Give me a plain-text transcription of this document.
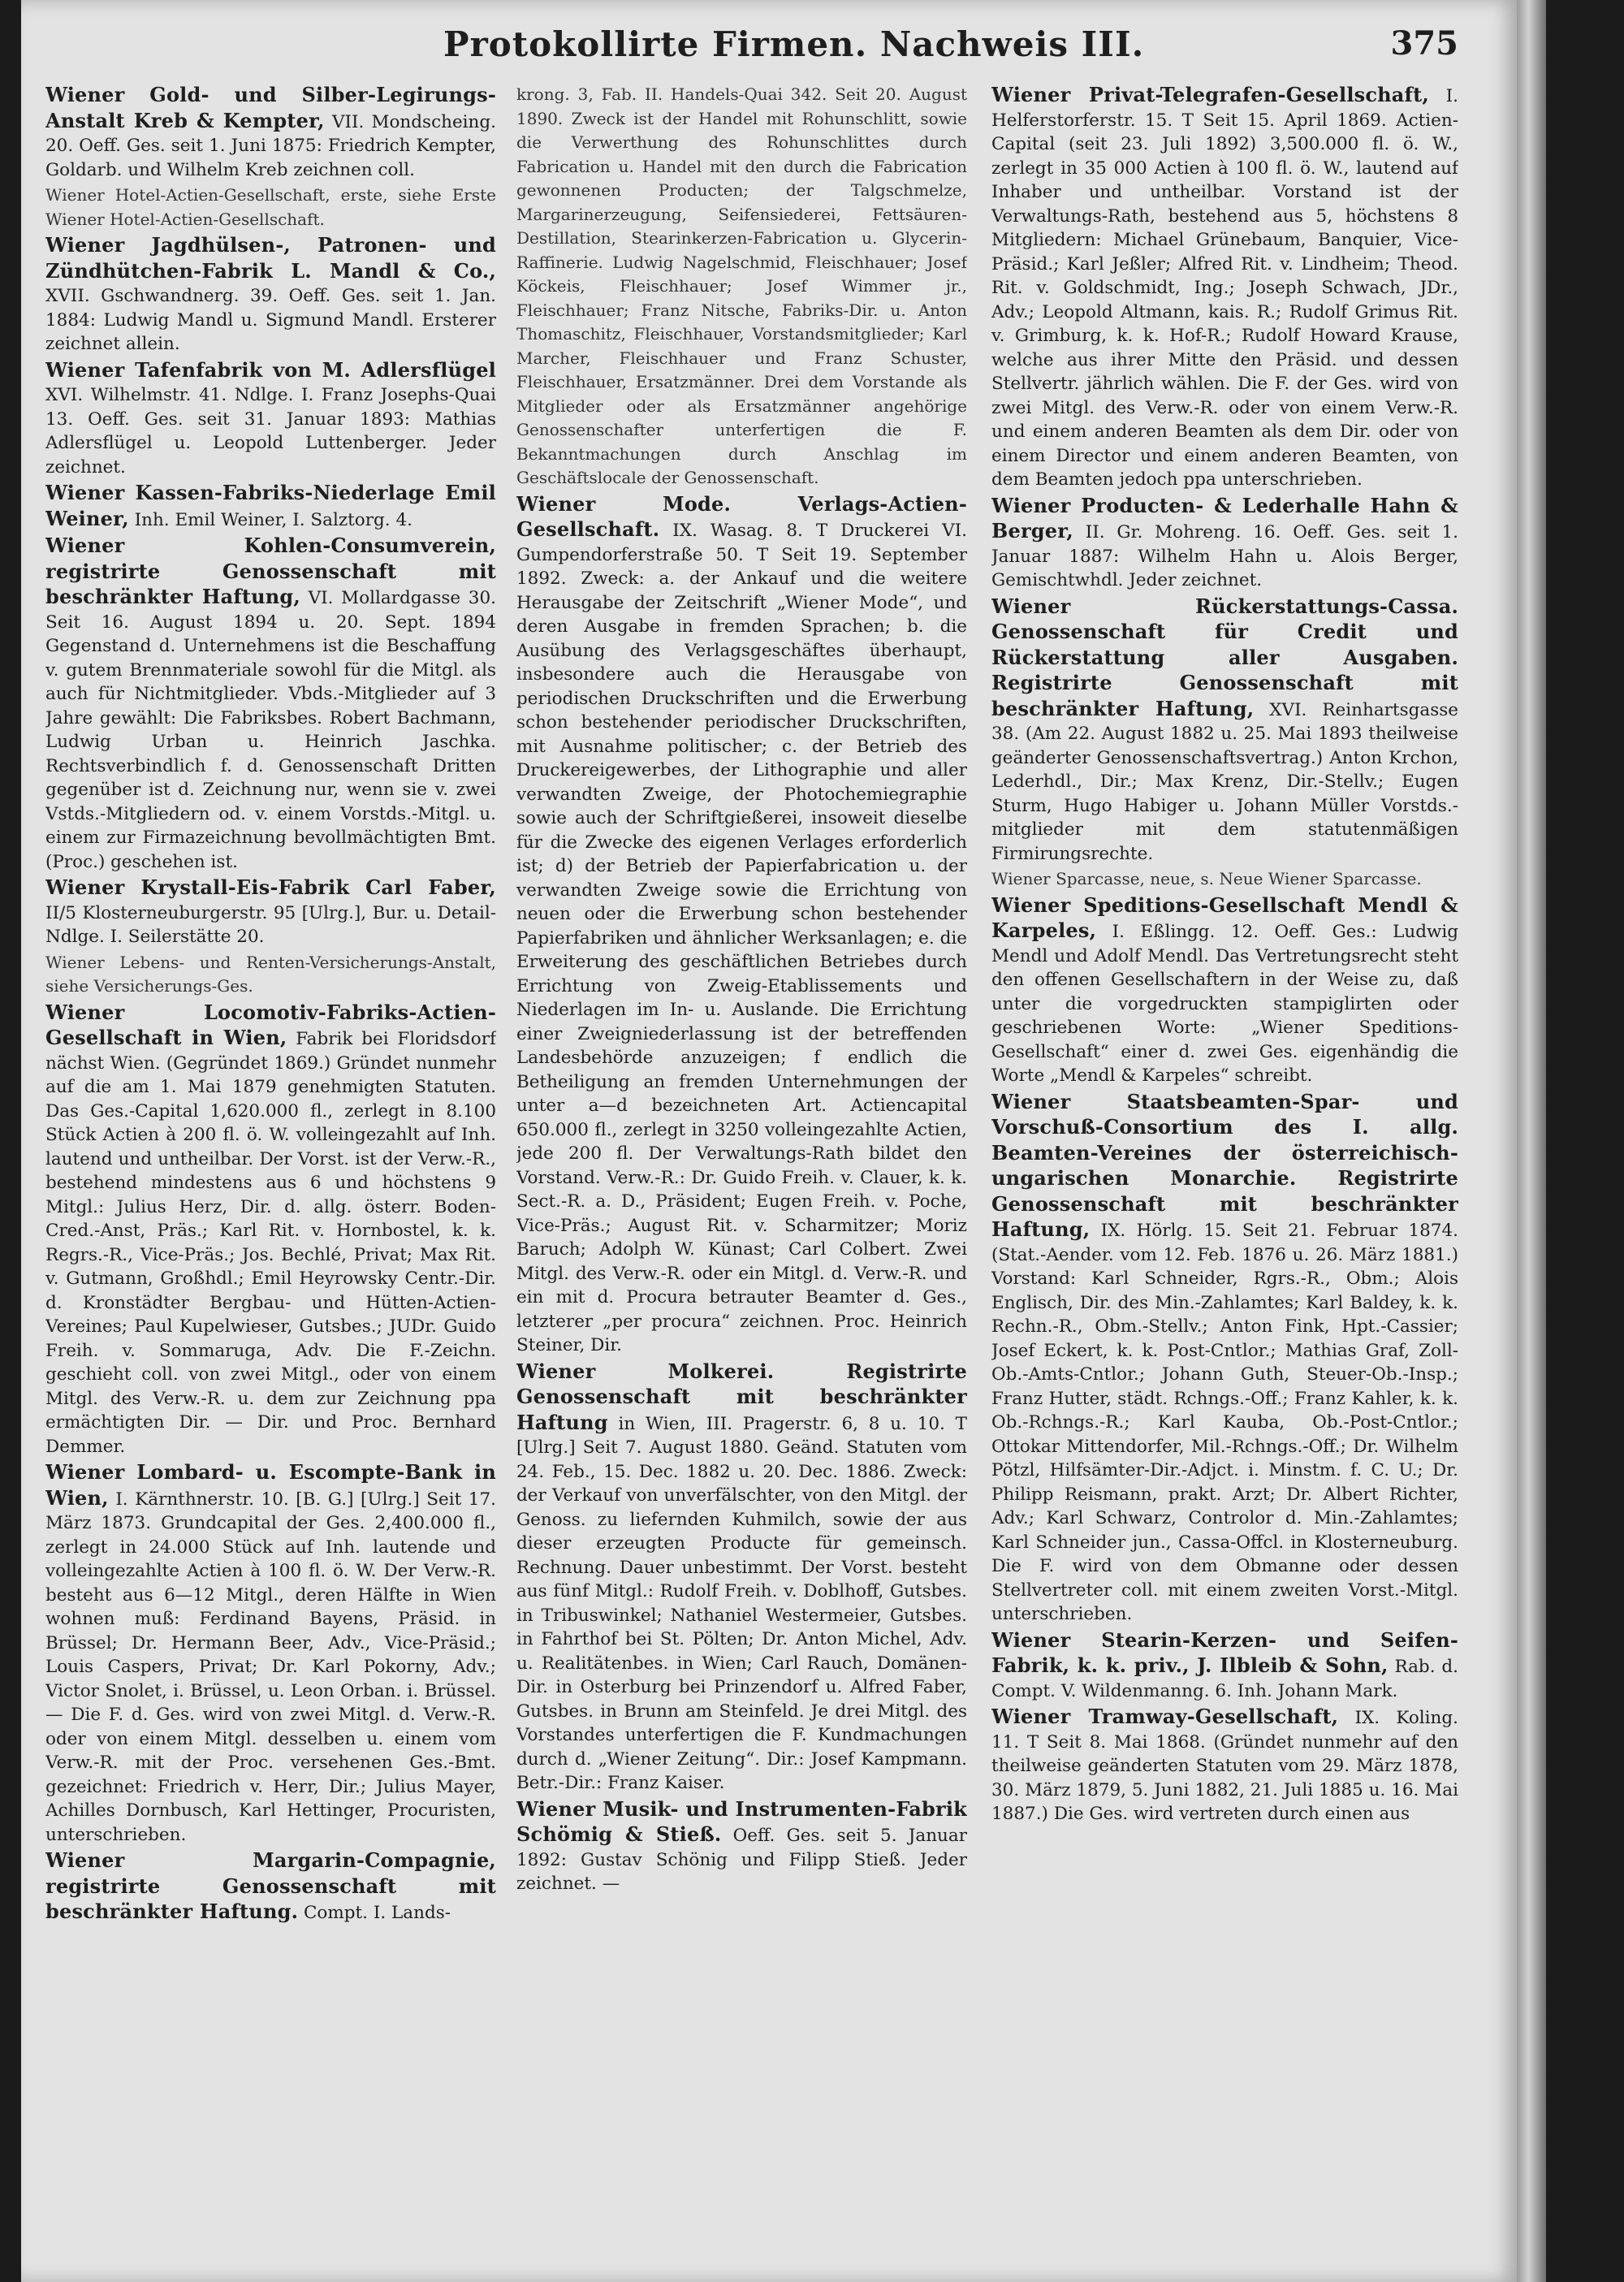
Protokollirte Firmen. Nachweis III.	375

Wiener Gold- und Silber-Legirungs-Anstalt Kreb & Kempter, VII. Mondscheing. 20. Oeff. Ges. seit 1. Juni 1875: Friedrich Kempter, Goldarb. und Wilhelm Kreb zeichnen coll.

Wiener Hotel-Actien-Gesellschaft, erste, siehe Erste Wiener Hotel-Actien-Gesellschaft.

Wiener Jagdhülsen-, Patronen- und Zündhütchen-Fabrik L. Mandl & Co., XVII. Gschwandnerg. 39. Oeff. Ges. seit 1. Jan. 1884: Ludwig Mandl u. Sigmund Mandl. Ersterer zeichnet allein.

Wiener Tafenfabrik von M. Adlersflügel XVI. Wilhelmstr. 41. Ndlge. I. Franz Josephs-Quai 13. Oeff. Ges. seit 31. Januar 1893: Mathias Adlersflügel u. Leopold Luttenberger. Jeder zeichnet.

Wiener Kassen-Fabriks-Niederlage Emil Weiner, Inh. Emil Weiner, I. Salztorg. 4.

Wiener Kohlen-Consumverein, registrirte Genossenschaft mit beschränkter Haftung, VI. Mollardgasse 30. Seit 16. August 1894 u. 20. Sept. 1894 Gegenstand d. Unternehmens ist die Beschaffung v. gutem Brennmateriale sowohl für die Mitgl. als auch für Nichtmitglieder. Vbds.-Mitglieder auf 3 Jahre gewählt: Die Fabriksbes. Robert Bachmann, Ludwig Urban u. Heinrich Jaschka. Rechtsverbindlich f. d. Genossenschaft Dritten gegenüber ist d. Zeichnung nur, wenn sie v. zwei Vstds.-Mitgliedern od. v. einem Vorstds.-Mitgl. u. einem zur Firmazeichnung bevollmächtigten Bmt. (Proc.) geschehen ist.

Wiener Krystall-Eis-Fabrik Carl Faber, II/5 Klosterneuburgerstr. 95 [Ulrg.], Bur. u. Detail-Ndlge. I. Seilerstätte 20.

Wiener Lebens- und Renten-Versicherungs-Anstalt, siehe Versicherungs-Ges.

Wiener Locomotiv-Fabriks-Actien-Gesellschaft in Wien, Fabrik bei Floridsdorf nächst Wien. (Gegründet 1869.) Gründet nunmehr auf die am 1. Mai 1879 genehmigten Statuten. Das Ges.-Capital 1,620.000 fl., zerlegt in 8.100 Stück Actien à 200 fl. ö. W. volleingezahlt auf Inh. lautend und untheilbar. Der Vorst. ist der Verw.-R., bestehend mindestens aus 6 und höchstens 9 Mitgl.: Julius Herz, Dir. d. allg. österr. Boden-Cred.-Anst, Präs.; Karl Rit. v. Hornbostel, k. k. Regrs.-R., Vice-Präs.; Jos. Bechlé, Privat; Max Rit. v. Gutmann, Großhdl.; Emil Heyrowsky Centr.-Dir. d. Kronstädter Bergbau- und Hütten-Actien-Vereines; Paul Kupelwieser, Gutsbes.; JUDr. Guido Freih. v. Sommaruga, Adv. Die F.-Zeichn. geschieht coll. von zwei Mitgl., oder von einem Mitgl. des Verw.-R. u. dem zur Zeichnung ppa ermächtigten Dir. — Dir. und Proc. Bernhard Demmer.

Wiener Lombard- u. Escompte-Bank in Wien, I. Kärnthnerstr. 10. [B. G.] [Ulrg.] Seit 17. März 1873. Grundcapital der Ges. 2,400.000 fl., zerlegt in 24.000 Stück auf Inh. lautende und volleingezahlte Actien à 100 fl. ö. W. Der Verw.-R. besteht aus 6—12 Mitgl., deren Hälfte in Wien wohnen muß: Ferdinand Bayens, Präsid. in Brüssel; Dr. Hermann Beer, Adv., Vice-Präsid.; Louis Caspers, Privat; Dr. Karl Pokorny, Adv.; Victor Snolet, i. Brüssel, u. Leon Orban. i. Brüssel. — Die F. d. Ges. wird von zwei Mitgl. d. Verw.-R. oder von einem Mitgl. desselben u. einem vom Verw.-R. mit der Proc. versehenen Ges.-Bmt. gezeichnet: Friedrich v. Herr, Dir.; Julius Mayer, Achilles Dornbusch, Karl Hettinger, Procuristen, unterschrieben.

Wiener Margarin-Compagnie, registrirte Genossenschaft mit beschränkter Haftung. Compt. I. Lands-

krong. 3, Fab. II. Handels-Quai 342. Seit 20. August 1890. Zweck ist der Handel mit Rohunschlitt, sowie die Verwerthung des Rohunschlittes durch Fabrication u. Handel mit den durch die Fabrication gewonnenen Producten; der Talgschmelze, Margarinerzeugung, Seifensiederei, Fettsäuren-Destillation, Stearinkerzen-Fabrication u. Glycerin-Raffinerie. Ludwig Nagelschmid, Fleischhauer; Josef Köckeis, Fleischhauer; Josef Wimmer jr., Fleischhauer; Franz Nitsche, Fabriks-Dir. u. Anton Thomaschitz, Fleischhauer, Vorstandsmitglieder; Karl Marcher, Fleischhauer und Franz Schuster, Fleischhauer, Ersatzmänner. Drei dem Vorstande als Mitglieder oder als Ersatzmänner angehörige Genossenschafter unterfertigen die F. Bekanntmachungen durch Anschlag im Geschäftslocale der Genossenschaft.

Wiener Mode. Verlags-Actien-Gesellschaft. IX. Wasag. 8. T Druckerei VI. Gumpendorferstraße 50. T Seit 19. September 1892. Zweck: a. der Ankauf und die weitere Herausgabe der Zeitschrift „Wiener Mode“, und deren Ausgabe in fremden Sprachen; b. die Ausübung des Verlagsgeschäftes überhaupt, insbesondere auch die Herausgabe von periodischen Druckschriften und die Erwerbung schon bestehender periodischer Druckschriften, mit Ausnahme politischer; c. der Betrieb des Druckereigewerbes, der Lithographie und aller verwandten Zweige, der Photochemiegraphie sowie auch der Schriftgießerei, insoweit dieselbe für die Zwecke des eigenen Verlages erforderlich ist; d) der Betrieb der Papierfabrication u. der verwandten Zweige sowie die Errichtung von neuen oder die Erwerbung schon bestehender Papierfabriken und ähnlicher Werksanlagen; e. die Erweiterung des geschäftlichen Betriebes durch Errichtung von Zweig-Etablissements und Niederlagen im In- u. Auslande. Die Errichtung einer Zweigniederlassung ist der betreffenden Landesbehörde anzuzeigen; f endlich die Betheiligung an fremden Unternehmungen der unter a—d bezeichneten Art. Actiencapital 650.000 fl., zerlegt in 3250 volleingezahlte Actien, jede 200 fl. Der Verwaltungs-Rath bildet den Vorstand. Verw.-R.: Dr. Guido Freih. v. Clauer, k. k. Sect.-R. a. D., Präsident; Eugen Freih. v. Poche, Vice-Präs.; August Rit. v. Scharmitzer; Moriz Baruch; Adolph W. Künast; Carl Colbert. Zwei Mitgl. des Verw.-R. oder ein Mitgl. d. Verw.-R. und ein mit d. Procura betrauter Beamter d. Ges., letzterer „per procura“ zeichnen. Proc. Heinrich Steiner, Dir.

Wiener Molkerei. Registrirte Genossenschaft mit beschränkter Haftung in Wien, III. Pragerstr. 6, 8 u. 10. T [Ulrg.] Seit 7. August 1880. Geänd. Statuten vom 24. Feb., 15. Dec. 1882 u. 20. Dec. 1886. Zweck: der Verkauf von unverfälschter, von den Mitgl. der Genoss. zu liefernden Kuhmilch, sowie der aus dieser erzeugten Producte für gemeinsch. Rechnung. Dauer unbestimmt. Der Vorst. besteht aus fünf Mitgl.: Rudolf Freih. v. Doblhoff, Gutsbes. in Tribuswinkel; Nathaniel Westermeier, Gutsbes. in Fahrthof bei St. Pölten; Dr. Anton Michel, Adv. u. Realitätenbes. in Wien; Carl Rauch, Domänen-Dir. in Osterburg bei Prinzendorf u. Alfred Faber, Gutsbes. in Brunn am Steinfeld. Je drei Mitgl. des Vorstandes unterfertigen die F. Kundmachungen durch d. „Wiener Zeitung“. Dir.: Josef Kampmann. Betr.-Dir.: Franz Kaiser.

Wiener Musik- und Instrumenten-Fabrik Schömig & Stieß. Oeff. Ges. seit 5. Januar 1892: Gustav Schönig und Filipp Stieß. Jeder zeichnet. —

Wiener Privat-Telegrafen-Gesellschaft, I. Helferstorferstr. 15. T Seit 15. April 1869. Actien-Capital (seit 23. Juli 1892) 3,500.000 fl. ö. W., zerlegt in 35 000 Actien à 100 fl. ö. W., lautend auf Inhaber und untheilbar. Vorstand ist der Verwaltungs-Rath, bestehend aus 5, höchstens 8 Mitgliedern: Michael Grünebaum, Banquier, Vice-Präsid.; Karl Jeßler; Alfred Rit. v. Lindheim; Theod. Rit. v. Goldschmidt, Ing.; Joseph Schwach, JDr., Adv.; Leopold Altmann, kais. R.; Rudolf Grimus Rit. v. Grimburg, k. k. Hof-R.; Rudolf Howard Krause, welche aus ihrer Mitte den Präsid. und dessen Stellvertr. jährlich wählen. Die F. der Ges. wird von zwei Mitgl. des Verw.-R. oder von einem Verw.-R. und einem anderen Beamten als dem Dir. oder von einem Director und einem anderen Beamten, von dem Beamten jedoch ppa unterschrieben.

Wiener Producten- & Lederhalle Hahn & Berger, II. Gr. Mohreng. 16. Oeff. Ges. seit 1. Januar 1887: Wilhelm Hahn u. Alois Berger, Gemischtwhdl. Jeder zeichnet.

Wiener Rückerstattungs-Cassa. Genossenschaft für Credit und Rückerstattung aller Ausgaben. Registrirte Genossenschaft mit beschränkter Haftung, XVI. Reinhartsgasse 38. (Am 22. August 1882 u. 25. Mai 1893 theilweise geänderter Genossenschaftsvertrag.) Anton Krchon, Lederhdl., Dir.; Max Krenz, Dir.-Stellv.; Eugen Sturm, Hugo Habiger u. Johann Müller Vorstds.-mitglieder mit dem statutenmäßigen Firmirungsrechte.

Wiener Sparcasse, neue, s. Neue Wiener Sparcasse.

Wiener Speditions-Gesellschaft Mendl & Karpeles, I. Eßlingg. 12. Oeff. Ges.: Ludwig Mendl und Adolf Mendl. Das Vertretungsrecht steht den offenen Gesellschaftern in der Weise zu, daß unter die vorgedruckten stampiglirten oder geschriebenen Worte: „Wiener Speditions-Gesellschaft“ einer d. zwei Ges. eigenhändig die Worte „Mendl & Karpeles“ schreibt.

Wiener Staatsbeamten-Spar- und Vorschuß-Consortium des I. allg. Beamten-Vereines der österreichisch-ungarischen Monarchie. Registrirte Genossenschaft mit beschränkter Haftung, IX. Hörlg. 15. Seit 21. Februar 1874. (Stat.-Aender. vom 12. Feb. 1876 u. 26. März 1881.) Vorstand: Karl Schneider, Rgrs.-R., Obm.; Alois Englisch, Dir. des Min.-Zahlamtes; Karl Baldey, k. k. Rechn.-R., Obm.-Stellv.; Anton Fink, Hpt.-Cassier; Josef Eckert, k. k. Post-Cntlor.; Mathias Graf, Zoll-Ob.-Amts-Cntlor.; Johann Guth, Steuer-Ob.-Insp.; Franz Hutter, städt. Rchngs.-Off.; Franz Kahler, k. k. Ob.-Rchngs.-R.; Karl Kauba, Ob.-Post-Cntlor.; Ottokar Mittendorfer, Mil.-Rchngs.-Off.; Dr. Wilhelm Pötzl, Hilfsämter-Dir.-Adjct. i. Minstm. f. C. U.; Dr. Philipp Reismann, prakt. Arzt; Dr. Albert Richter, Adv.; Karl Schwarz, Controlor d. Min.-Zahlamtes; Karl Schneider jun., Cassa-Offcl. in Klosterneuburg. Die F. wird von dem Obmanne oder dessen Stellvertreter coll. mit einem zweiten Vorst.-Mitgl. unterschrieben.

Wiener Stearin-Kerzen- und Seifen-Fabrik, k. k. priv., J. Ilbleib & Sohn, Rab. d. Compt. V. Wildenmanng. 6. Inh. Johann Mark.

Wiener Tramway-Gesellschaft, IX. Koling. 11. T Seit 8. Mai 1868. (Gründet nunmehr auf den theilweise geänderten Statuten vom 29. März 1878, 30. März 1879, 5. Juni 1882, 21. Juli 1885 u. 16. Mai 1887.) Die Ges. wird vertreten durch einen aus
